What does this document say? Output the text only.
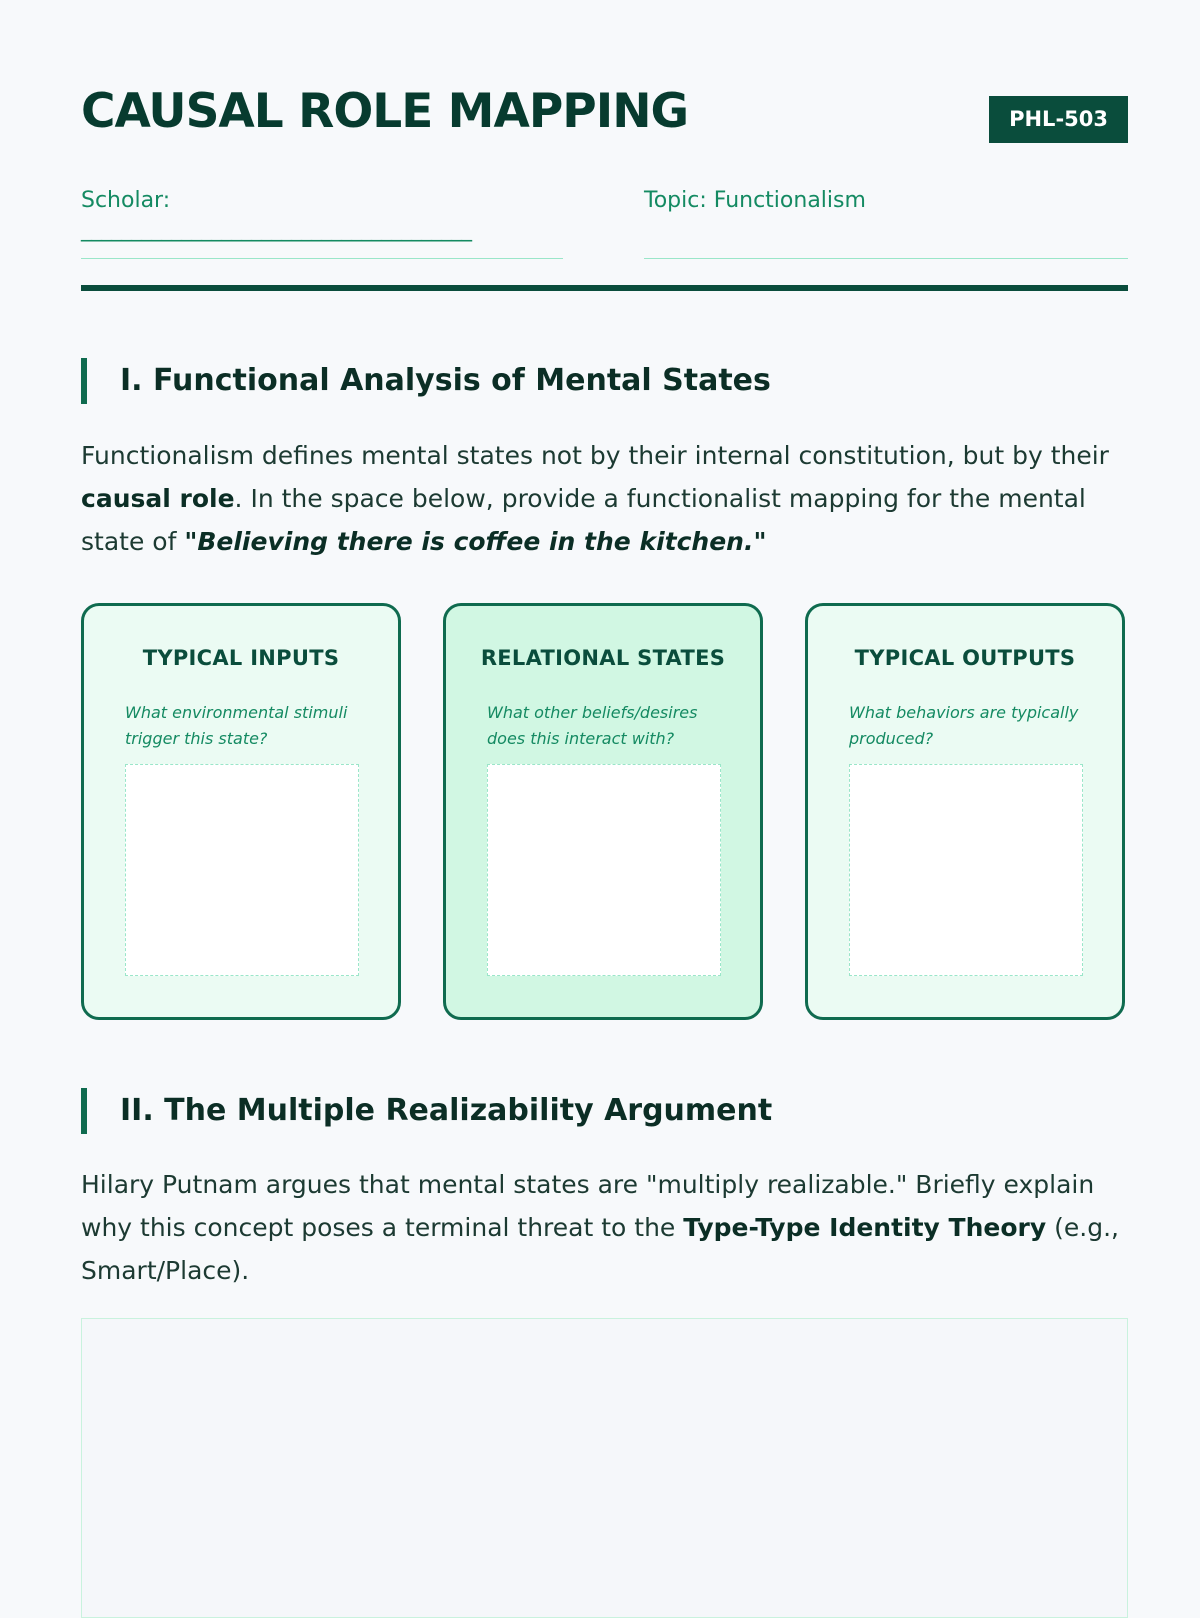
CAUSAL ROLE MAPPING	PHL-503
Scholar:
_______________________________________
Topic: Functionalism
I. Functional Analysis of Mental States

Functionalism defines mental states not by their internal constitution, but by their causal role. In the space below, provide a functionalist mapping for the mental state of "Believing there is coffee in the kitchen."

TYPICAL INPUTS
What environmental stimuli trigger this state?
RELATIONAL STATES
What other beliefs/desires does this interact with?
TYPICAL OUTPUTS
What behaviors are typically produced?
II. The Multiple Realizability Argument

Hilary Putnam argues that mental states are "multiply realizable." Briefly explain why this concept poses a terminal threat to the Type-Type Identity Theory (e.g., Smart/Place).
